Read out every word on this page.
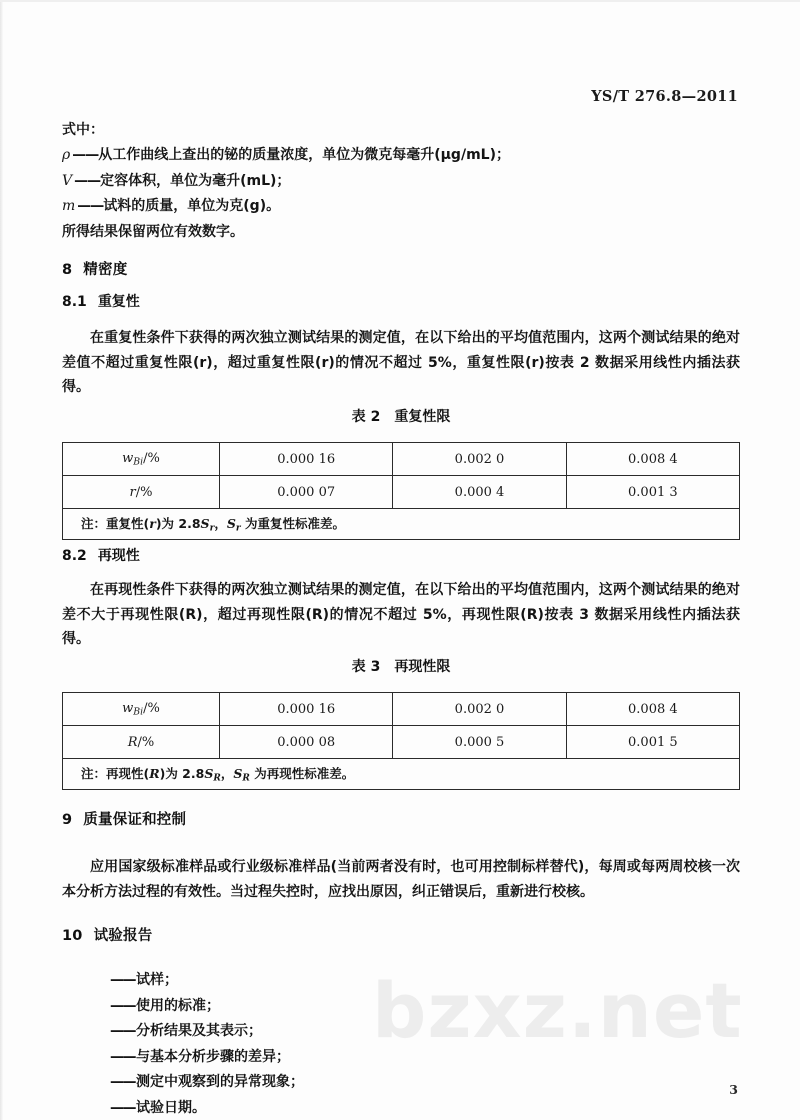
bzxz.net
YS/T 276.8—2011
式中：
ρ ——从工作曲线上查出的铋的质量浓度，单位为微克每毫升(μg/mL)；
V ——定容体积，单位为毫升(mL)；
m ——试料的质量，单位为克(g)。
所得结果保留两位有效数字。
8 精密度
8.1 重复性

在重复性条件下获得的两次独立测试结果的测定值，在以下给出的平均值范围内，这两个测试结果的绝对差值不超过重复性限(r)，超过重复性限(r)的情况不超过 5%，重复性限(r)按表 2 数据采用线性内插法获得。

表 2 重复性限
$w_{Bi}/\%$	0.000 16	0.002 0	0.008 4
r/%	0.000 07	0.000 4	0.001 3
注：重复性(r)为 $2.8S_r$，$S_r$ 为重复性标准差。			
8.2 再现性

在再现性条件下获得的两次独立测试结果的测定值，在以下给出的平均值范围内，这两个测试结果的绝对差不大于再现性限(R)，超过再现性限(R)的情况不超过 5%，再现性限(R)按表 3 数据采用线性内插法获得。

表 3 再现性限
$w_{Bi}/\%$	0.000 16	0.002 0	0.008 4
R/%	0.000 08	0.000 5	0.001 5
注：再现性(R)为 $2.8S_R$，$S_R$ 为再现性标准差。			
9 质量保证和控制

应用国家级标准样品或行业级标准样品(当前两者没有时，也可用控制标样替代)，每周或每两周校核一次本分析方法过程的有效性。当过程失控时，应找出原因，纠正错误后，重新进行校核。

10 试验报告
——试样；
——使用的标准；
——分析结果及其表示；
——与基本分析步骤的差异；
——测定中观察到的异常现象；
——试验日期。
3
